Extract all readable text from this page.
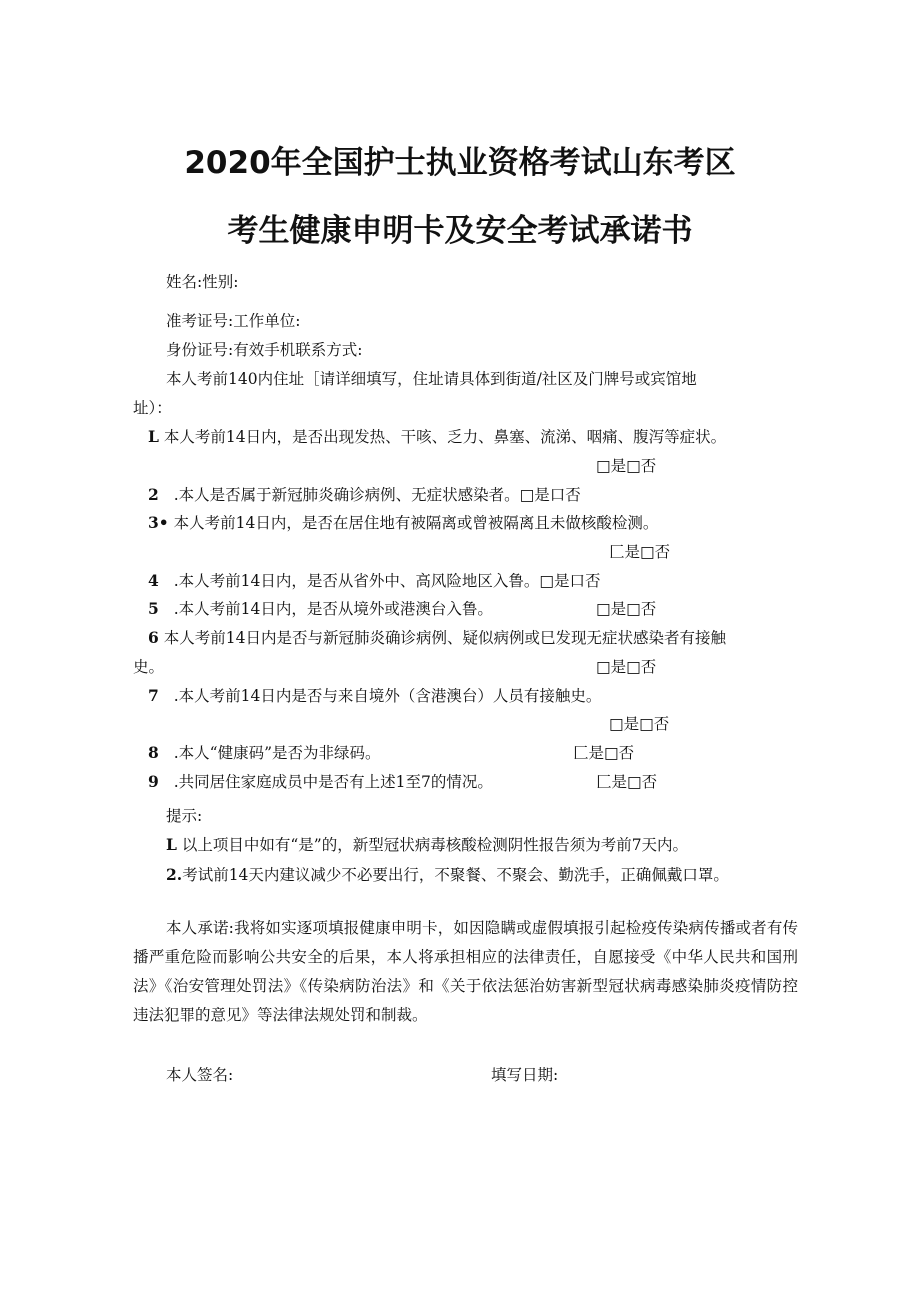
2020年全国护士执业资格考试山东考区
考生健康申明卡及安全考试承诺书
姓名:性别:
准考证号:工作单位:
身份证号:有效手机联系方式:
本人考前140内住址［请详细填写，住址请具体到街道/社区及门牌号或宾馆地
址）：
L 本人考前14日内，是否出现发热、干咳、乏力、鼻塞、流涕、咽痛、腹泻等症状。
□是□否
2 .本人是否属于新冠肺炎确诊病例、无症状感染者。□是口否
3• 本人考前14日内，是否在居住地有被隔离或曾被隔离且未做核酸检测。
匚是□否
4 .本人考前14日内，是否从省外中、高风险地区入鲁。□是口否
5 .本人考前14日内，是否从境外或港澳台入鲁。	□是□否
6 本人考前14日内是否与新冠肺炎确诊病例、疑似病例或巳发现无症状感染者有接触
史。	□是□否
7 .本人考前14日内是否与来自境外（含港澳台）人员有接触史。
□是□否
8 .本人“健康码”是否为非绿码。	匚是□否
9 .共同居住家庭成员中是否有上述1至7的情况。	匚是□否
提示:
L 以上项目中如有“是”的，新型冠状病毒核酸检测阴性报告须为考前7天内。
2.考试前14天内建议减少不必要出行，不聚餐、不聚会、勤洗手，正确佩戴口罩。
本人承诺:我将如实逐项填报健康申明卡，如因隐瞒或虚假填报引起检疫传染病传播或者有传播严重危险而影响公共安全的后果，本人将承担相应的法律责任，自愿接受《中华人民共和国刑法》《治安管理处罚法》《传染病防治法》和《关于依法惩治妨害新型冠状病毒感染肺炎疫情防控违法犯罪的意见》等法律法规处罚和制裁。
本人签名:	填写日期:
